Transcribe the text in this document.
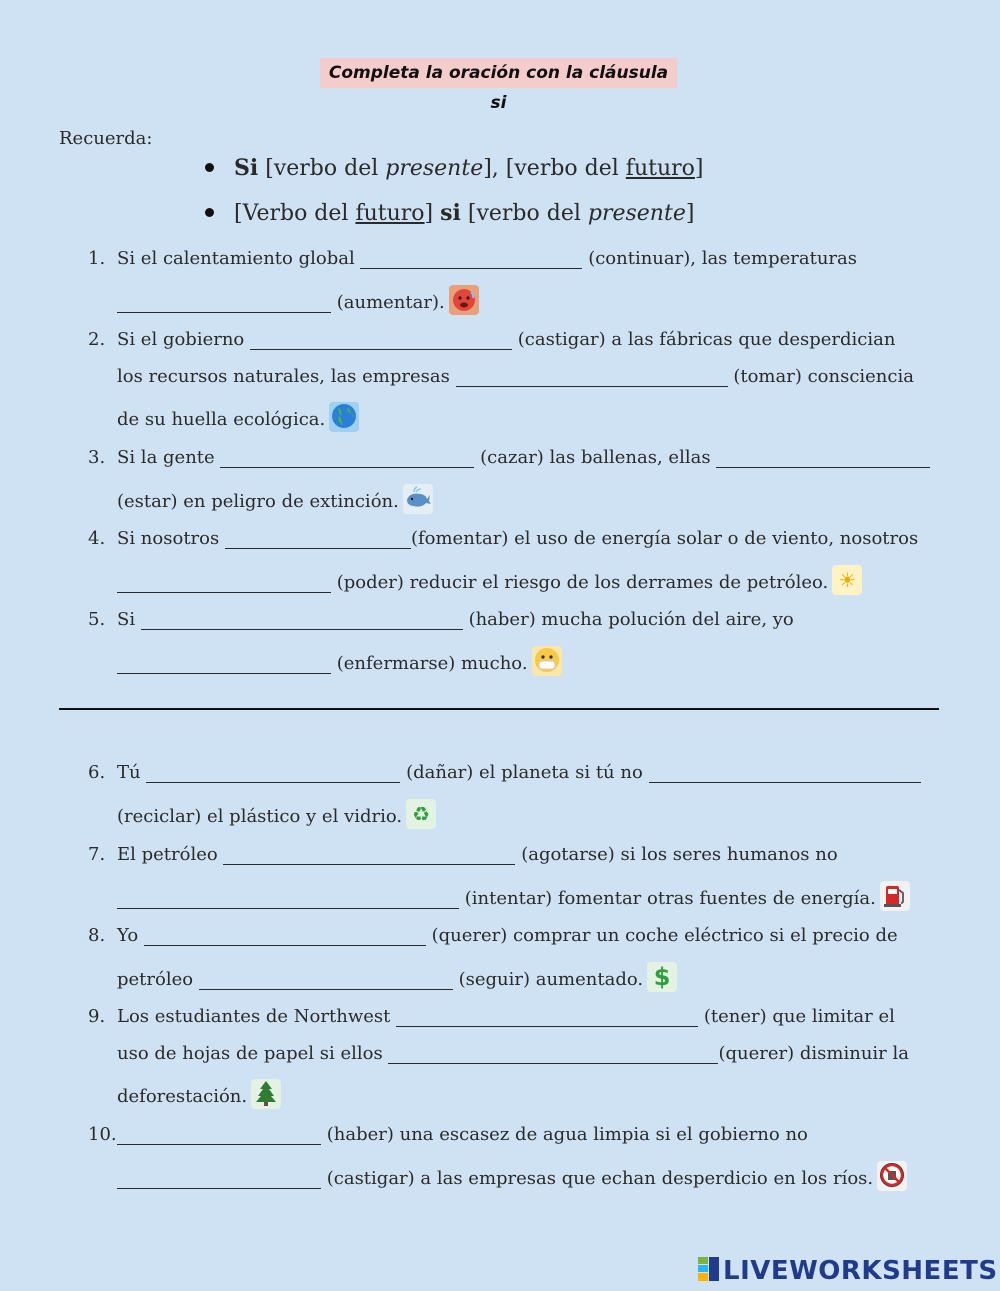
Completa la oración con la cláusula si
Recuerda:
Si [verbo del presente], [verbo del futuro]
[Verbo del futuro] si [verbo del presente]
1. Si el calentamiento global	(continuar), las temperaturas
(aumentar).
2. Si el gobierno	(castigar) a las fábricas que desperdician
los recursos naturales, las empresas	(tomar) consciencia
de su huella ecológica.
3. Si la gente	(cazar) las ballenas, ellas
(estar) en peligro de extinción.
4. Si nosotros	(fomentar) el uso de energía solar o de viento, nosotros
(poder) reducir el riesgo de los derrames de petróleo. ☀
5. Si	(haber) mucha polución del aire, yo
(enfermarse) mucho.
6. Tú	(dañar) el planeta si tú no
(reciclar) el plástico y el vidrio. ♻
7. El petróleo	(agotarse) si los seres humanos no
(intentar) fomentar otras fuentes de energía.
8. Yo	(querer) comprar un coche eléctrico si el precio de
petróleo	(seguir) aumentado. $
9. Los estudiantes de Northwest	(tener) que limitar el
uso de hojas de papel si ellos	(querer) disminuir la
deforestación.
10.	(haber) una escasez de agua limpia si el gobierno no
(castigar) a las empresas que echan desperdicio en los ríos.
LIVEWORKSHEETS
